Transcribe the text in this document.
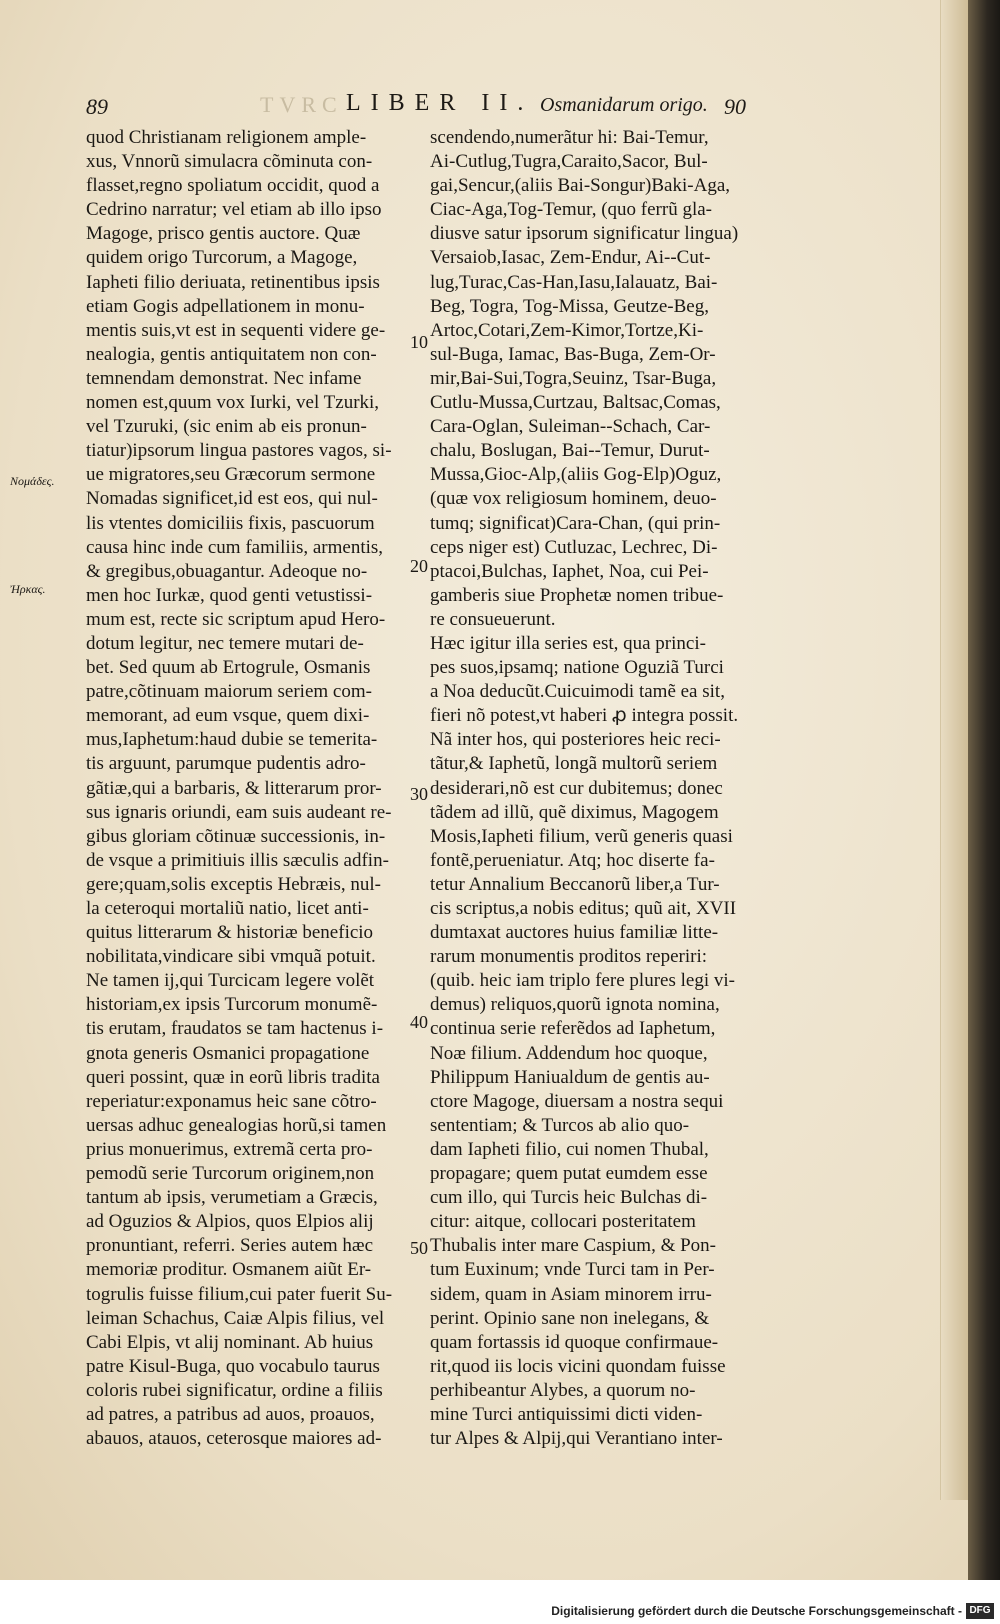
89	TVRC LIBER II. Osmanidarum origo. 90
Νομάδες.
Ἠρκας.
10
20
30
40
50
quod Christianam religionem ample-
xus, Vnnorũ simulacra cõminuta con-
flasset,regno spoliatum occidit, quod a
Cedrino narratur; vel etiam ab illo ipso
Magoge, prisco gentis auctore. Quæ
quidem origo Turcorum, a Magoge,
Iapheti filio deriuata, retinentibus ipsis
etiam Gogis adpellationem in monu-
mentis suis,vt est in sequenti videre ge-
nealogia, gentis antiquitatem non con-
temnendam demonstrat. Nec infame
nomen est,quum vox Iurki, vel Tzurki,
vel Tzuruki, (sic enim ab eis pronun-
tiatur)ipsorum lingua pastores vagos, si-
ue migratores,seu Græcorum sermone
Nomadas significet,id est eos, qui nul-
lis vtentes domiciliis fixis, pascuorum
causa hinc inde cum familiis, armentis,
& gregibus,obuagantur. Adeoque no-
men hoc Iurkæ, quod genti vetustissi-
mum est, recte sic scriptum apud Hero-
dotum legitur, nec temere mutari de-
bet. Sed quum ab Ertogrule, Osmanis
patre,cõtinuam maiorum seriem com-
memorant, ad eum vsque, quem dixi-
mus,Iaphetum:haud dubie se temerita-
tis arguunt, parumque pudentis adro-
gãtiæ,qui a barbaris, & litterarum pror-
sus ignaris oriundi, eam suis audeant re-
gibus gloriam cõtinuæ successionis, in-
de vsque a primitiuis illis sæculis adfin-
gere;quam,solis exceptis Hebræis, nul-
la ceteroqui mortaliũ natio, licet anti-
quitus litterarum & historiæ beneficio
nobilitata,vindicare sibi vmquã potuit.
Ne tamen ij,qui Turcicam legere volẽt
historiam,ex ipsis Turcorum monumẽ-
tis erutam, fraudatos se tam hactenus i-
gnota generis Osmanici propagatione
queri possint, quæ in eorũ libris tradita
reperiatur:exponamus heic sane cõtro-
uersas adhuc genealogias horũ,si tamen
prius monuerimus, extremã certa pro-
pemodũ serie Turcorum originem,non
tantum ab ipsis, verumetiam a Græcis,
ad Oguzios & Alpios, quos Elpios alij
pronuntiant, referri. Series autem hæc
memoriæ proditur. Osmanem aiũt Er-
togrulis fuisse filium,cui pater fuerit Su-
leiman Schachus, Caiæ Alpis filius, vel
Cabi Elpis, vt alij nominant. Ab huius
patre Kisul-Buga, quo vocabulo taurus
coloris rubei significatur, ordine a filiis
ad patres, a patribus ad auos, proauos,
abauos, atauos, ceterosque maiores ad-
scendendo,numerãtur hi: Bai-Temur,
Ai-Cutlug,Tugra,Caraito,Sacor, Bul-
gai,Sencur,(aliis Bai-Songur)Baki-Aga,
Ciac-Aga,Tog-Temur, (quo ferrũ gla-
diusve satur ipsorum significatur lingua)
Versaiob,Iasac, Zem-Endur, Ai--Cut-
lug,Turac,Cas-Han,Iasu,Ialauatz, Bai-
Beg, Togra, Tog-Missa, Geutze-Beg,
Artoc,Cotari,Zem-Kimor,Tortze,Ki-
sul-Buga, Iamac, Bas-Buga, Zem-Or-
mir,Bai-Sui,Togra,Seuinz, Tsar-Buga,
Cutlu-Mussa,Curtzau, Baltsac,Comas,
Cara-Oglan, Suleiman--Schach, Car-
chalu, Boslugan, Bai--Temur, Durut-
Mussa,Gioc-Alp,(aliis Gog-Elp)Oguz,
(quæ vox religiosum hominem, deuo-
tumq; significat)Cara-Chan, (qui prin-
ceps niger est) Cutluzac, Lechrec, Di-
ptacoi,Bulchas, Iaphet, Noa, cui Pei-
gamberis siue Prophetæ nomen tribue-
re consueuerunt.
Hæc igitur illa series est, qua princi-
pes suos,ipsamq; natione Oguziã Turci
a Noa deducũt.Cuicuimodi tamẽ ea sit,
fieri nõ potest,vt haberi ꝓ integra possit.
Nã inter hos, qui posteriores heic reci-
tãtur,& Iaphetũ, longã multorũ seriem
desiderari,nõ est cur dubitemus; donec
tãdem ad illũ, quẽ diximus, Magogem
Mosis,Iapheti filium, verũ generis quasi
fontẽ,perueniatur. Atq; hoc diserte fa-
tetur Annalium Beccanorũ liber,a Tur-
cis scriptus,a nobis editus; quũ ait, XVII
dumtaxat auctores huius familiæ litte-
rarum monumentis proditos reperiri:
(quib. heic iam triplo fere plures legi vi-
demus) reliquos,quorũ ignota nomina,
continua serie referẽdos ad Iaphetum,
Noæ filium. Addendum hoc quoque,
Philippum Haniualdum de gentis au-
ctore Magoge, diuersam a nostra sequi
sententiam; & Turcos ab alio quo-
dam Iapheti filio, cui nomen Thubal,
propagare; quem putat eumdem esse
cum illo, qui Turcis heic Bulchas di-
citur: aitque, collocari posteritatem
Thubalis inter mare Caspium, & Pon-
tum Euxinum; vnde Turci tam in Per-
sidem, quam in Asiam minorem irru-
perint. Opinio sane non inelegans, &
quam fortassis id quoque confirmaue-
rit,quod iis locis vicini quondam fuisse
perhibeantur Alybes, a quorum no-
mine Turci antiquissimi dicti viden-
tur Alpes & Alpij,qui Verantiano inter-
Digitalisierung gefördert durch die Deutsche Forschungsgemeinschaft - DFG
